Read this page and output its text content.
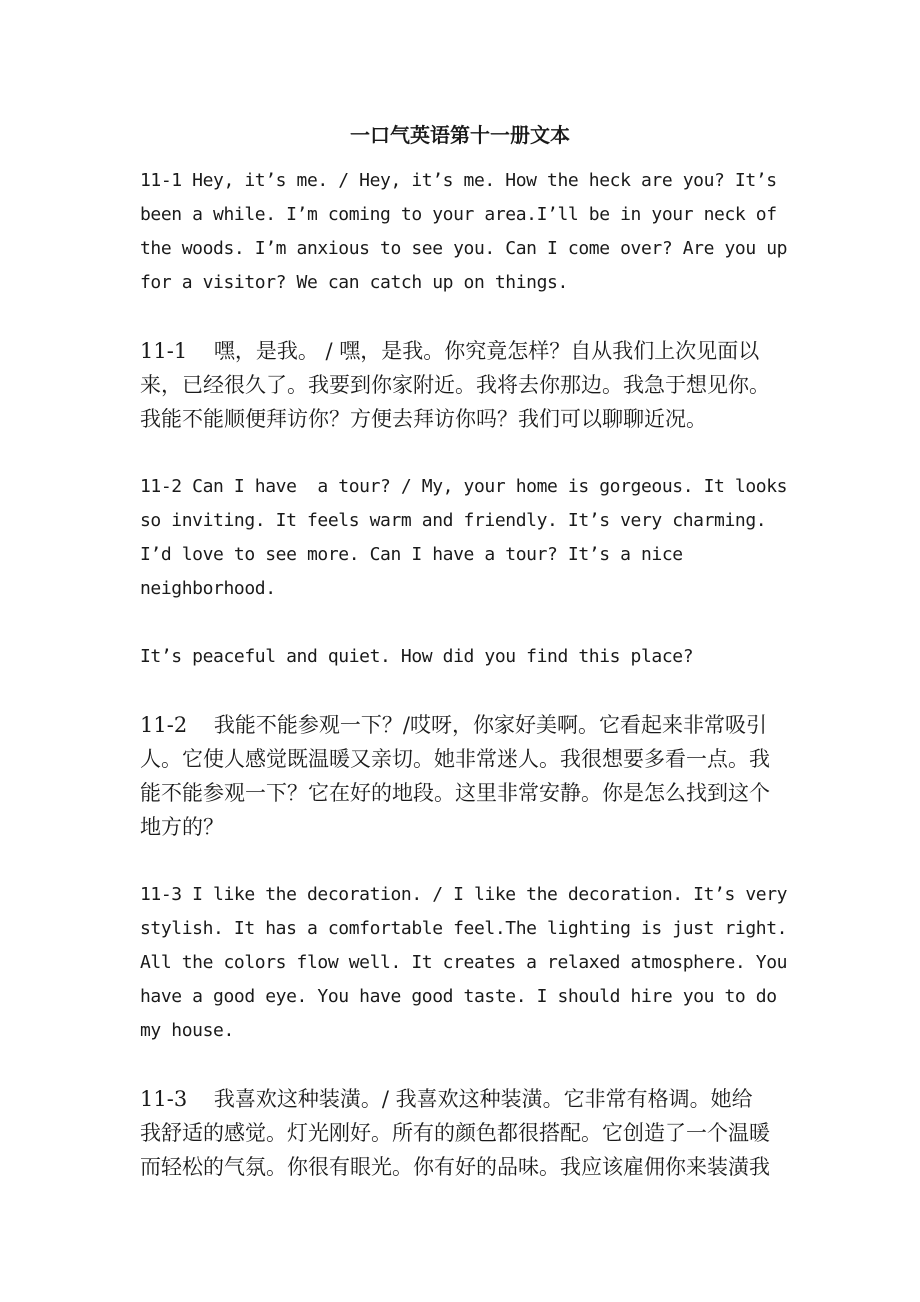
一口气英语第十一册文本
11-1 Hey, it’s me. / Hey, it’s me. How the heck are you? It’s
been a while. I’m coming to your area.I’ll be in your neck of
the woods. I’m anxious to see you. Can I come over? Are you up
for a visitor? We can catch up on things.
11-1    嘿，是我。 / 嘿，是我。你究竟怎样？自从我们上次见面以
来，已经很久了。我要到你家附近。我将去你那边。我急于想见你。
我能不能顺便拜访你？方便去拜访你吗？我们可以聊聊近况。
11-2 Can I have  a tour? / My, your home is gorgeous. It looks
so inviting. It feels warm and friendly. It’s very charming.
I’d love to see more. Can I have a tour? It’s a nice
neighborhood.
It’s peaceful and quiet. How did you find this place?
11-2    我能不能参观一下？/哎呀，你家好美啊。它看起来非常吸引
人。它使人感觉既温暖又亲切。她非常迷人。我很想要多看一点。我
能不能参观一下？它在好的地段。这里非常安静。你是怎么找到这个
地方的？
11-3 I like the decoration. / I like the decoration. It’s very
stylish. It has a comfortable feel.The lighting is just right.
All the colors flow well. It creates a relaxed atmosphere. You
have a good eye. You have good taste. I should hire you to do
my house.
11-3    我喜欢这种装潢。/ 我喜欢这种装潢。它非常有格调。她给
我舒适的感觉。灯光刚好。所有的颜色都很搭配。它创造了一个温暖
而轻松的气氛。你很有眼光。你有好的品味。我应该雇佣你来装潢我
